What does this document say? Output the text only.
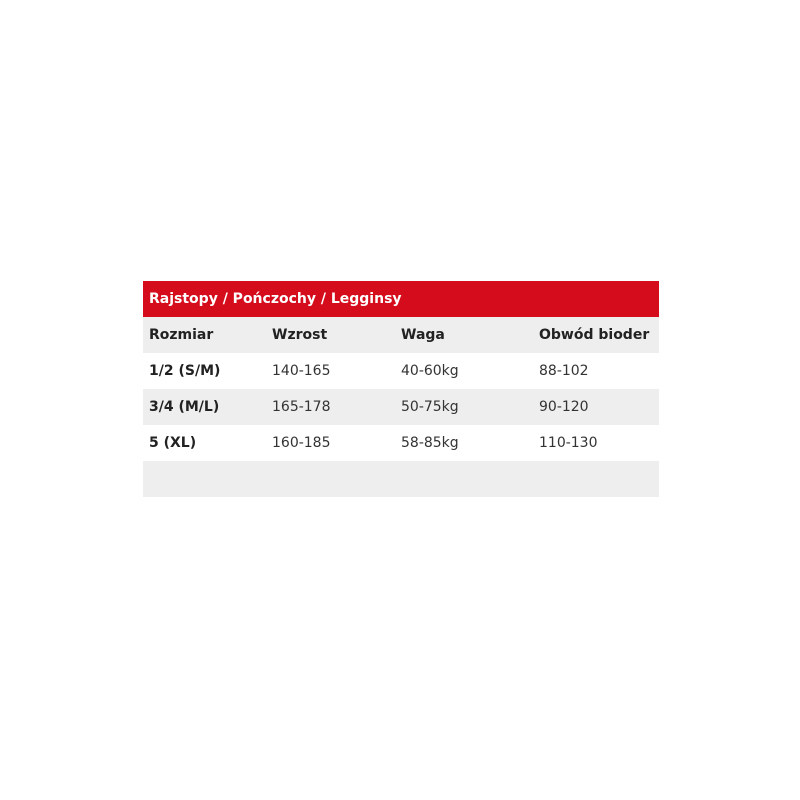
Rajstopy / Pończochy / Legginsy
Rozmiar	Wzrost	Waga	Obwód bioder
1/2 (S/M)	140-165	40-60kg	88-102
3/4 (M/L)	165-178	50-75kg	90-120
5 (XL)	160-185	58-85kg	110-130
